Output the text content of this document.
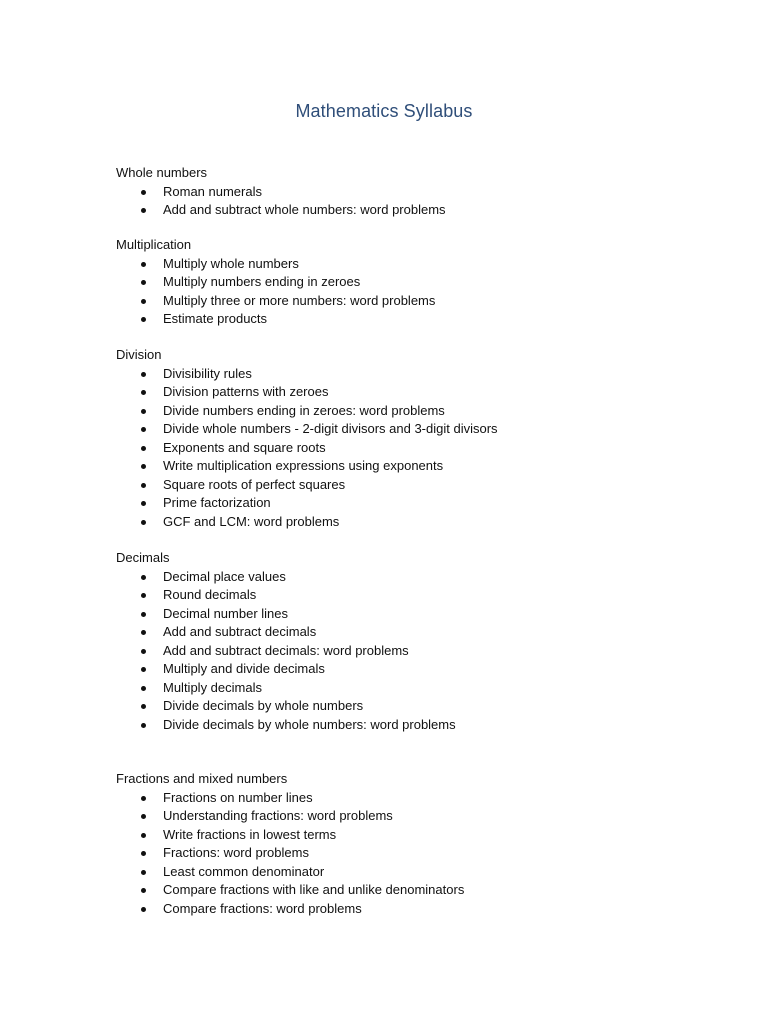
Mathematics Syllabus
Whole numbers
Roman numerals
Add and subtract whole numbers: word problems
Multiplication
Multiply whole numbers
Multiply numbers ending in zeroes
Multiply three or more numbers: word problems
Estimate products
Division
Divisibility rules
Division patterns with zeroes
Divide numbers ending in zeroes: word problems
Divide whole numbers - 2-digit divisors and 3-digit divisors
Exponents and square roots
Write multiplication expressions using exponents
Square roots of perfect squares
Prime factorization
GCF and LCM: word problems
Decimals
Decimal place values
Round decimals
Decimal number lines
Add and subtract decimals
Add and subtract decimals: word problems
Multiply and divide decimals
Multiply decimals
Divide decimals by whole numbers
Divide decimals by whole numbers: word problems
Fractions and mixed numbers
Fractions on number lines
Understanding fractions: word problems
Write fractions in lowest terms
Fractions: word problems
Least common denominator
Compare fractions with like and unlike denominators
Compare fractions: word problems
